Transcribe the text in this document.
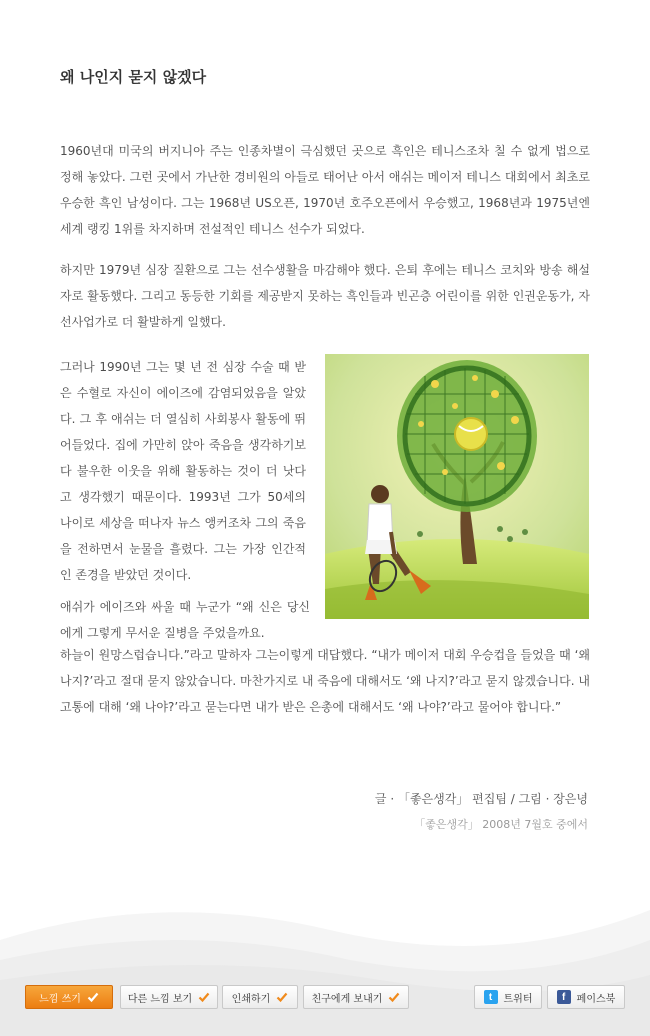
왜 나인지 묻지 않겠다

1960년대 미국의 버지니아 주는 인종차별이 극심했던 곳으로 흑인은 테니스조차 칠 수 없게 법으로 정해 놓았다. 그런 곳에서 가난한 경비원의 아들로 태어난 아서 애쉬는 메이저 테니스 대회에서 최초로 우승한 흑인 남성이다. 그는 1968년 US오픈, 1970년 호주오픈에서 우승했고, 1968년과 1975년엔 세계 랭킹 1위를 차지하며 전설적인 테니스 선수가 되었다.

하지만 1979년 심장 질환으로 그는 선수생활을 마감해야 했다. 은퇴 후에는 테니스 코치와 방송 해설자로 활동했다. 그리고 동등한 기회를 제공받지 못하는 흑인들과 빈곤층 어린이를 위한 인권운동가, 자선사업가로 더 활발하게 일했다.

그러나 1990년 그는 몇 년 전 심장 수술 때 받은 수혈로 자신이 에이즈에 감염되었음을 알았다. 그 후 애쉬는 더 열심히 사회봉사 활동에 뛰어들었다. 집에 가만히 앉아 죽음을 생각하기보다 불우한 이웃을 위해 활동하는 것이 더 낫다고 생각했기 때문이다. 1993년 그가 50세의 나이로 세상을 떠나자 뉴스 앵커조차 그의 죽음을 전하면서 눈물을 흘렸다. 그는 가장 인간적인 존경을 받았던 것이다.

애쉬가 에이즈와 싸울 때 누군가 “왜 신은 당신에게 그렇게 무서운 질병을 주었을까요.

하늘이 원망스럽습니다.”라고 말하자 그는이렇게 대답했다. “내가 메이저 대회 우승컵을 들었을 때 ‘왜 나지?’라고 절대 묻지 않았습니다. 마찬가지로 내 죽음에 대해서도 ‘왜 나지?’라고 묻지 않겠습니다. 내 고통에 대해 ‘왜 나야?’라고 묻는다면 내가 받은 은총에 대해서도 ‘왜 나야?’라고 물어야 합니다.”

글 · 「좋은생각」 편집팀 / 그림 · 장은녕
「좋은생각」 2008년 7월호 중에서
느낌 쓰기	다른 느낌 보기	인쇄하기	친구에게 보내기	t	트위터	f	페이스북
